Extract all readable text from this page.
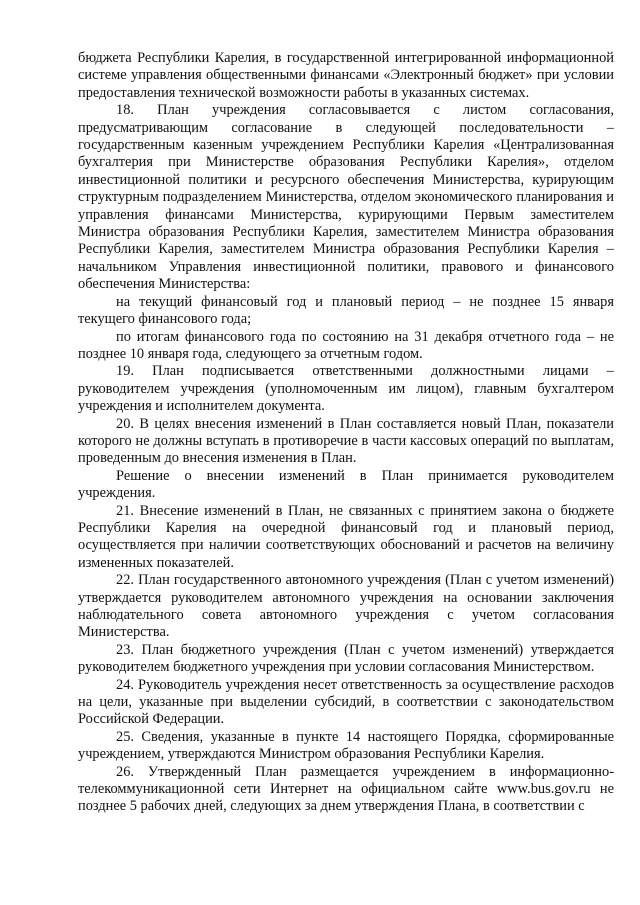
бюджета Республики Карелия, в государственной интегрированной информационной системе управления общественными финансами «Электронный бюджет» при условии предоставления технической возможности работы в указанных системах.

18. План учреждения согласовывается с листом согласования, предусматривающим согласование в следующей последовательности – государственным казенным учреждением Республики Карелия «Централизованная бухгалтерия при Министерстве образования Республики Карелия», отделом инвестиционной политики и ресурсного обеспечения Министерства, курирующим структурным подразделением Министерства, отделом экономического планирования и управления финансами Министерства, курирующими Первым заместителем Министра образования Республики Карелия, заместителем Министра образования Республики Карелия, заместителем Министра образования Республики Карелия – начальником Управления инвестиционной политики, правового и финансового обеспечения Министерства:

на текущий финансовый год и плановый период – не позднее 15 января текущего финансового года;

по итогам финансового года по состоянию на 31 декабря отчетного года – не позднее 10 января года, следующего за отчетным годом.

19. План подписывается ответственными должностными лицами – руководителем учреждения (уполномоченным им лицом), главным бухгалтером учреждения и исполнителем документа.

20. В целях внесения изменений в План составляется новый План, показатели которого не должны вступать в противоречие в части кассовых операций по выплатам, проведенным до внесения изменения в План.

Решение о внесении изменений в План принимается руководителем учреждения.

21. Внесение изменений в План, не связанных с принятием закона о бюджете Республики Карелия на очередной финансовый год и плановый период, осуществляется при наличии соответствующих обоснований и расчетов на величину измененных показателей.

22. План государственного автономного учреждения (План с учетом изменений) утверждается руководителем автономного учреждения на основании заключения наблюдательного совета автономного учреждения с учетом согласования Министерства.

23. План бюджетного учреждения (План с учетом изменений) утверждается руководителем бюджетного учреждения при условии согласования Министерством.

24. Руководитель учреждения несет ответственность за осуществление расходов на цели, указанные при выделении субсидий, в соответствии с законодательством Российской Федерации.

25. Сведения, указанные в пункте 14 настоящего Порядка, сформированные учреждением, утверждаются Министром образования Республики Карелия.

26. Утвержденный План размещается учреждением в информационно-телекоммуникационной сети Интернет на официальном сайте www.bus.gov.ru не позднее 5 рабочих дней, следующих за днем утверждения Плана, в соответствии с
